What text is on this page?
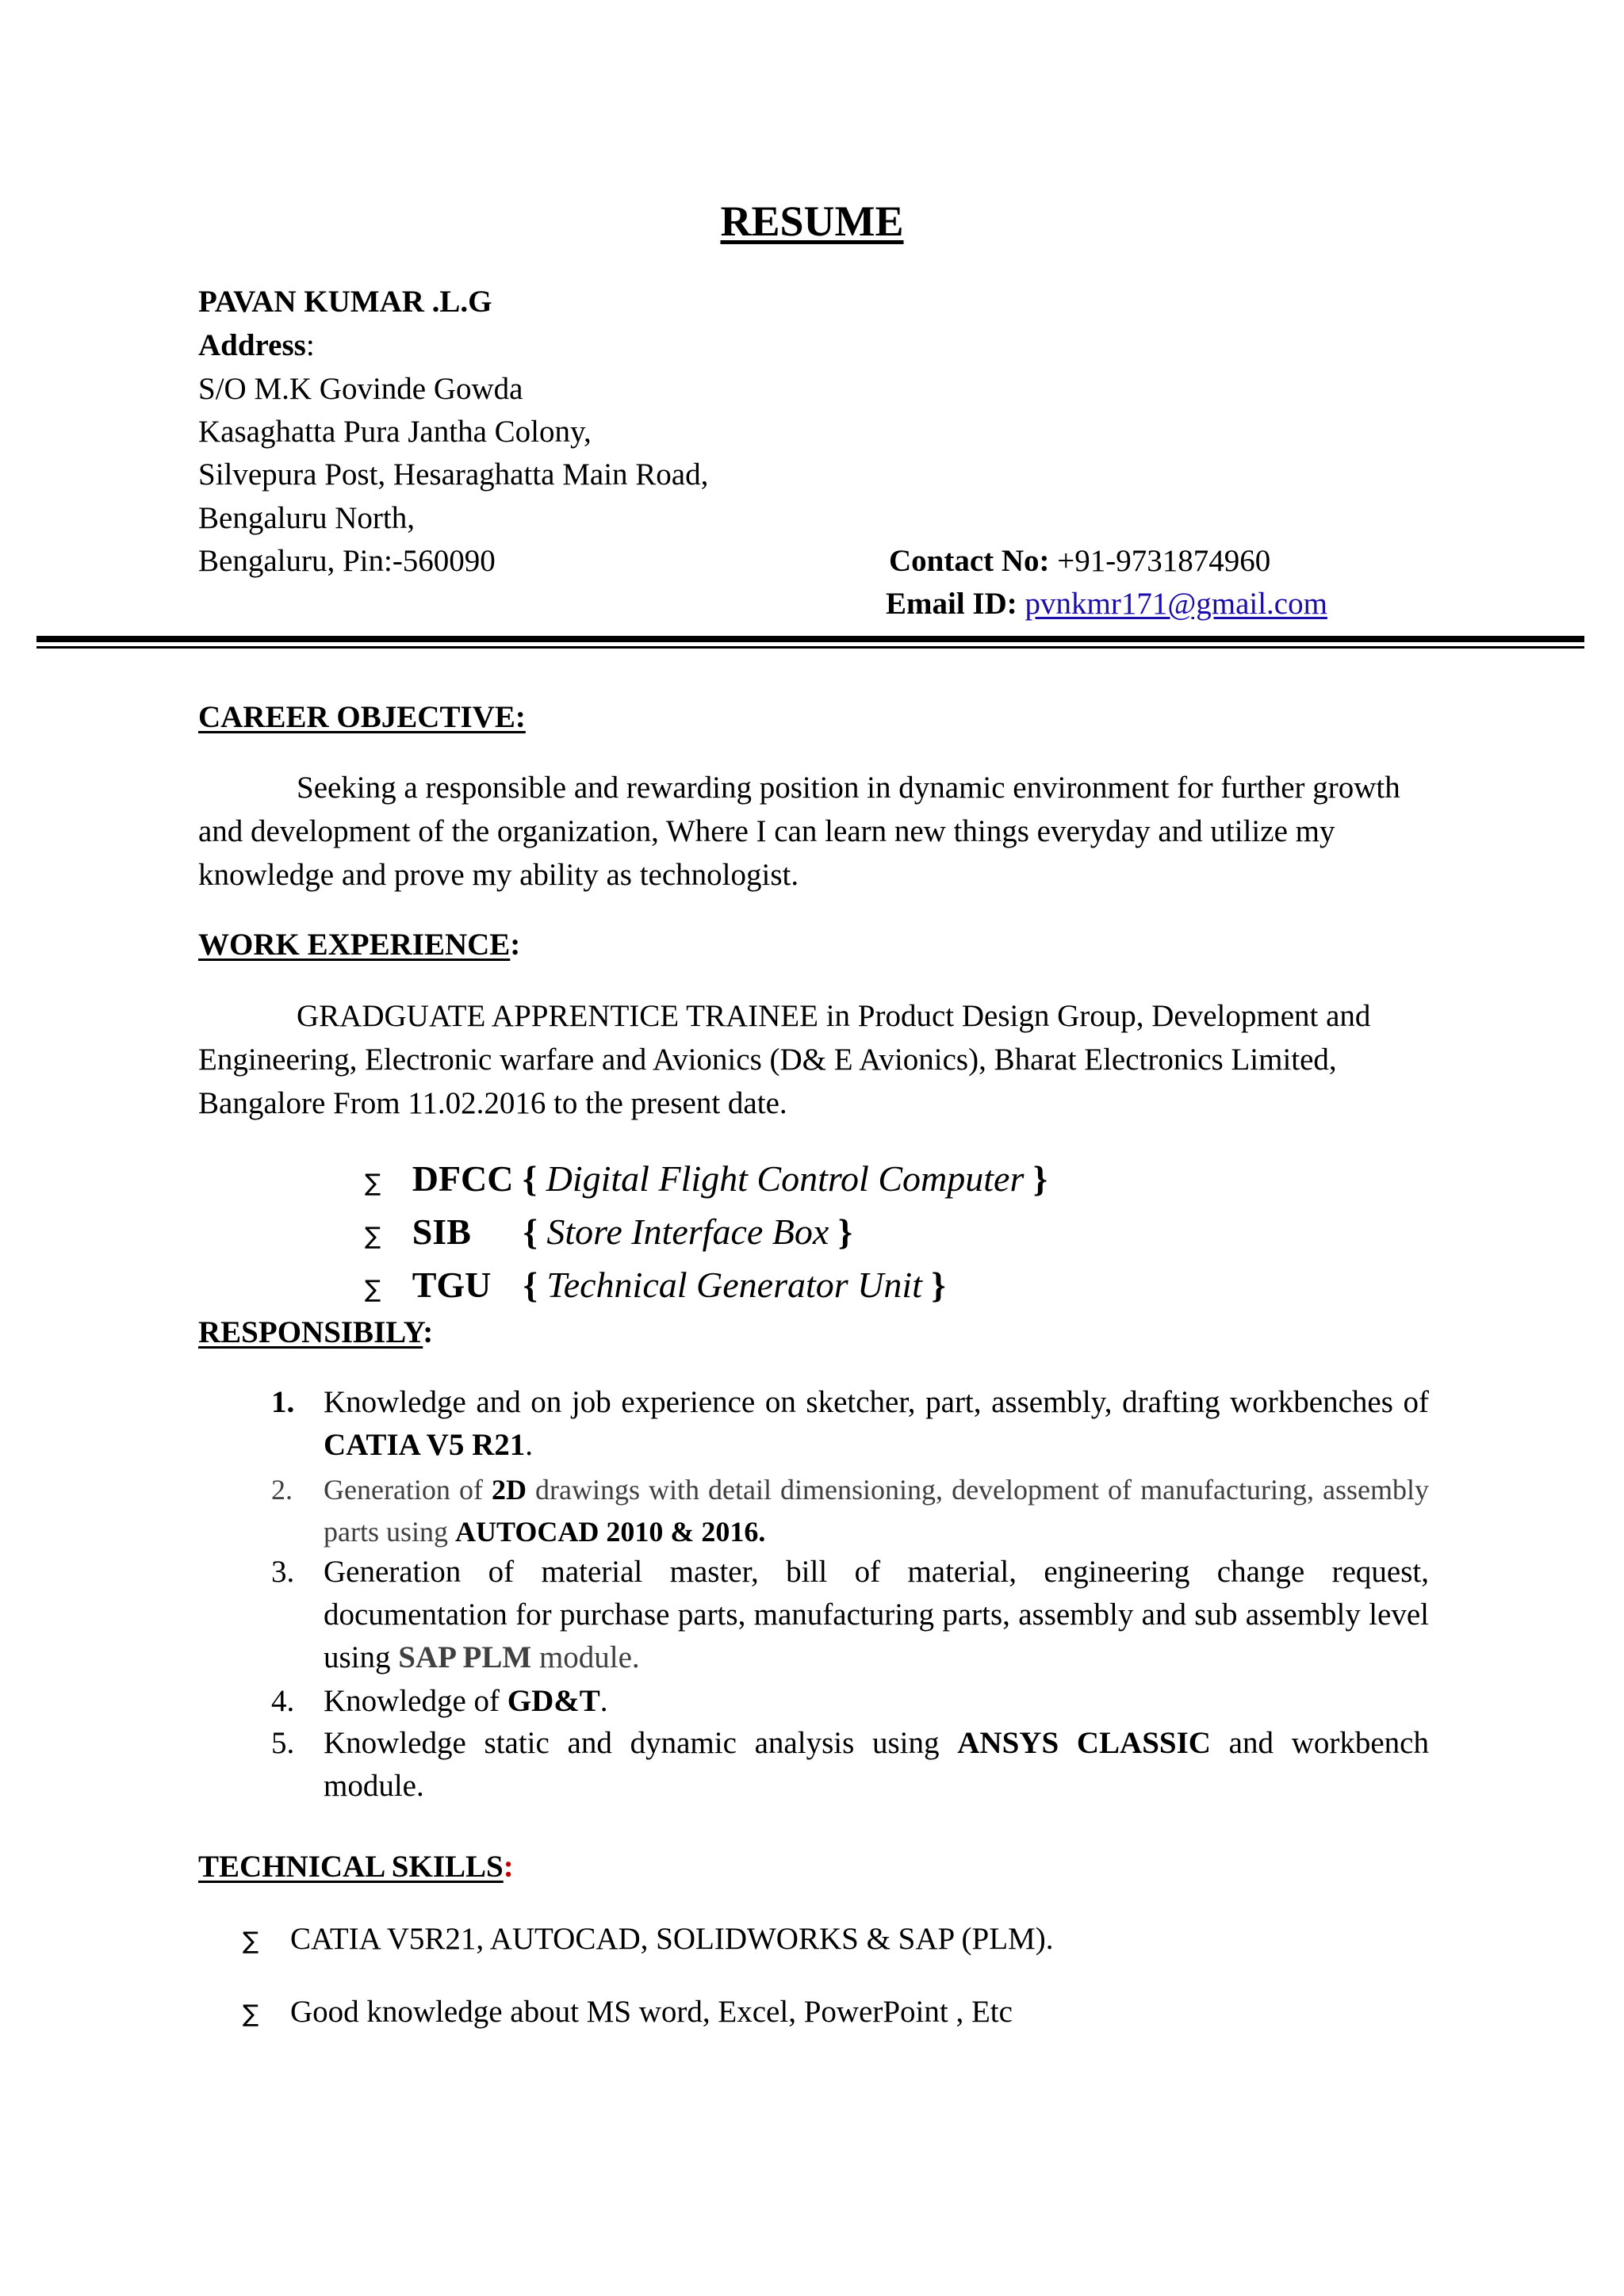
RESUME
PAVAN KUMAR .L.G
Address:
S/O M.K Govinde Gowda
Kasaghatta Pura Jantha Colony,
Silvepura Post, Hesaraghatta Main Road,
Bengaluru North,
Bengaluru, Pin:-560090	Contact No: +91-9731874960
Email ID: pvnkmr171@gmail.com
CAREER OBJECTIVE:
Seeking a responsible and rewarding position in dynamic environment for further growth and development of the organization, Where I can learn new things everyday and utilize my knowledge and prove my ability as technologist.
WORK EXPERIENCE:
GRADGUATE APPRENTICE TRAINEE in Product Design Group, Development and Engineering, Electronic warfare and Avionics (D& E Avionics), Bharat Electronics Limited, Bangalore From 11.02.2016 to the present date.
∑ DFCC { Digital Flight Control Computer }
∑ SIB { Store Interface Box }
∑ TGU { Technical Generator Unit }
RESPONSIBILY:
1. Knowledge and on job experience on sketcher, part, assembly, drafting workbenches of CATIA V5 R21.
2.	Generation of 2D drawings with detail dimensioning, development of manufacturing, assembly parts using AUTOCAD 2010 & 2016.
3. Generation of material master, bill of material, engineering change request, documentation for purchase parts, manufacturing parts, assembly and sub assembly level using SAP PLM module.
4. Knowledge of GD&T.
5. Knowledge static and dynamic analysis using ANSYS CLASSIC and workbench module.
TECHNICAL SKILLS:
∑ CATIA V5R21, AUTOCAD, SOLIDWORKS & SAP (PLM).
∑ Good knowledge about MS word, Excel, PowerPoint , Etc
